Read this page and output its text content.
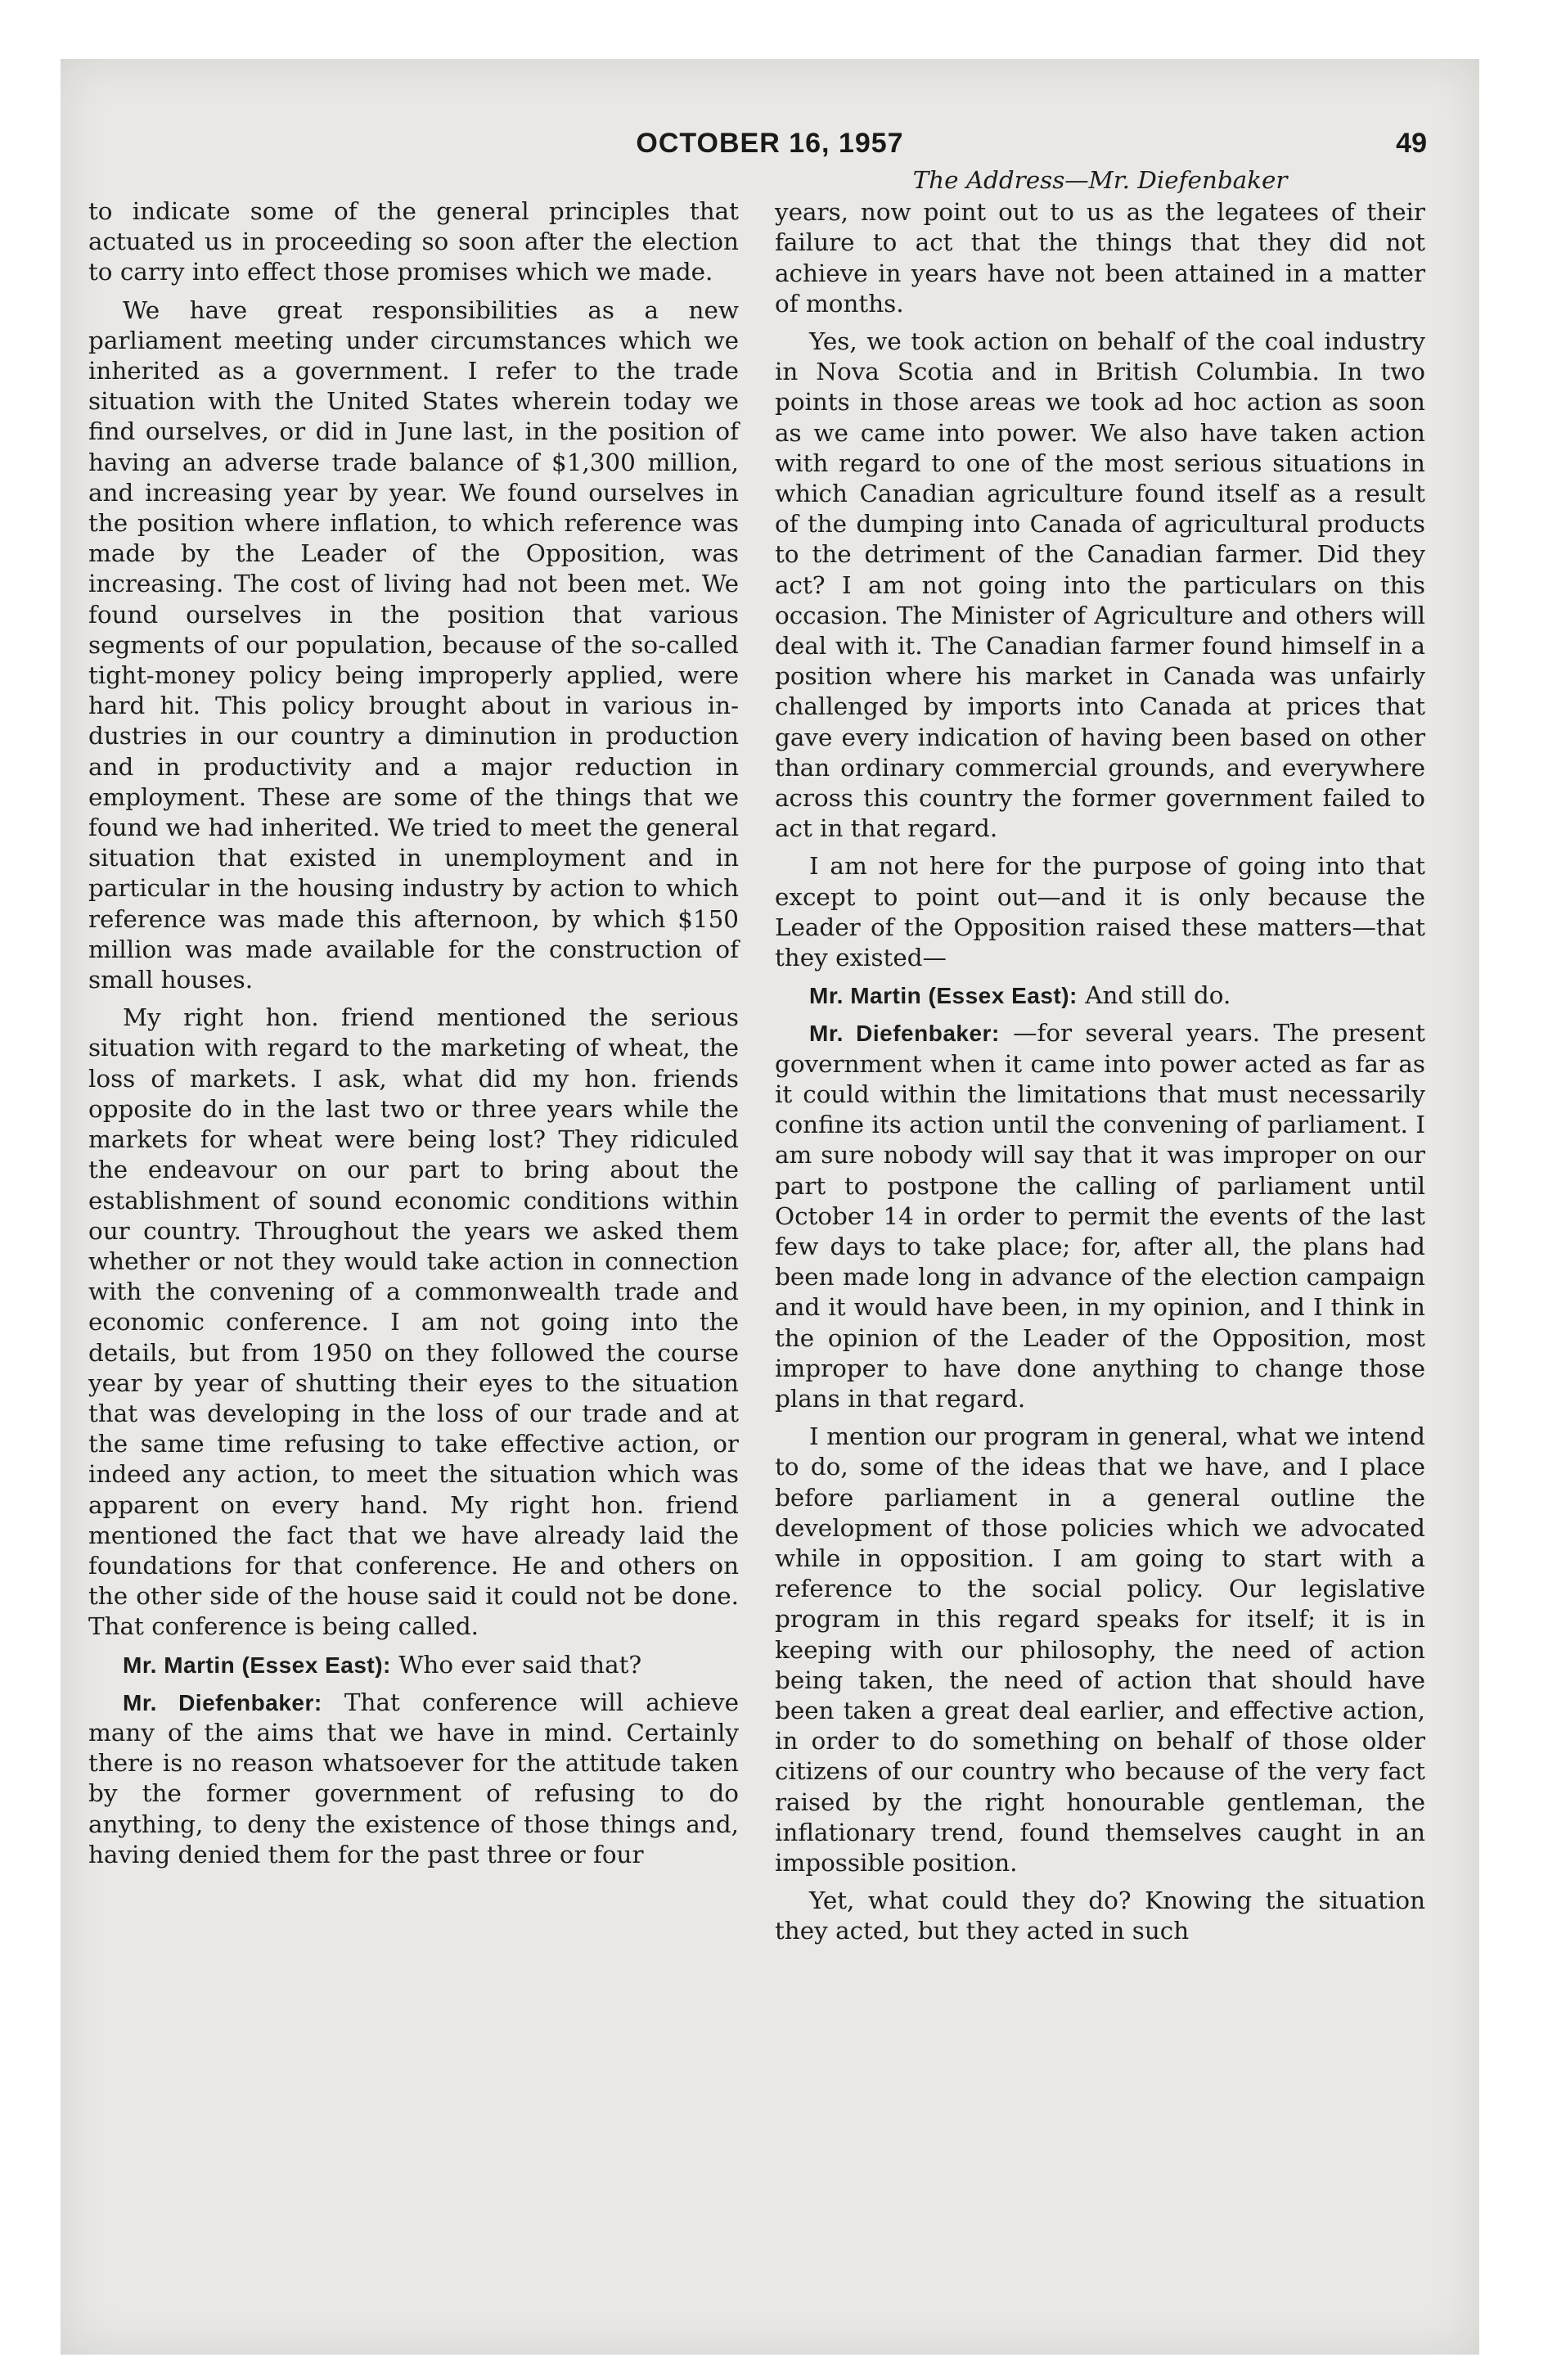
OCTOBER 16, 1957	49

to indicate some of the general principles that actuated us in proceeding so soon after the election to carry into effect those promises which we made.

We have great responsibilities as a new parliament meeting under circumstances which we inherited as a government. I refer to the trade situation with the United States wherein today we find ourselves, or did in June last, in the position of having an adverse trade balance of $1,300 million, and increasing year by year. We found ourselves in the position where inflation, to which reference was made by the Leader of the Opposition, was increasing. The cost of living had not been met. We found ourselves in the position that various segments of our population, because of the so-called tight-money policy being improperly applied, were hard hit. This policy brought about in various industries in our country a diminution in production and in productivity and a major reduction in employment. These are some of the things that we found we had inherited. We tried to meet the general situation that existed in unemployment and in particular in the housing industry by action to which reference was made this afternoon, by which $150 million was made available for the construction of small houses.

My right hon. friend mentioned the serious situation with regard to the marketing of wheat, the loss of markets. I ask, what did my hon. friends opposite do in the last two or three years while the markets for wheat were being lost? They ridiculed the endeavour on our part to bring about the establishment of sound economic conditions within our country. Throughout the years we asked them whether or not they would take action in connection with the convening of a commonwealth trade and economic conference. I am not going into the details, but from 1950 on they followed the course year by year of shutting their eyes to the situation that was developing in the loss of our trade and at the same time refusing to take effective action, or indeed any action, to meet the situation which was apparent on every hand. My right hon. friend mentioned the fact that we have already laid the foundations for that conference. He and others on the other side of the house said it could not be done. That conference is being called.

Mr. Martin (Essex East): Who ever said that?

Mr. Diefenbaker: That conference will achieve many of the aims that we have in mind. Certainly there is no reason whatsoever for the attitude taken by the former government of refusing to do anything, to deny the existence of those things and, having denied them for the past three or four

The Address—Mr. Diefenbaker

years, now point out to us as the legatees of their failure to act that the things that they did not achieve in years have not been attained in a matter of months.

Yes, we took action on behalf of the coal industry in Nova Scotia and in British Columbia. In two points in those areas we took ad hoc action as soon as we came into power. We also have taken action with regard to one of the most serious situations in which Canadian agriculture found itself as a result of the dumping into Canada of agricultural products to the detriment of the Canadian farmer. Did they act? I am not going into the particulars on this occasion. The Minister of Agriculture and others will deal with it. The Canadian farmer found himself in a position where his market in Canada was unfairly challenged by imports into Canada at prices that gave every indication of having been based on other than ordinary commercial grounds, and everywhere across this country the former government failed to act in that regard.

I am not here for the purpose of going into that except to point out—and it is only because the Leader of the Opposition raised these matters—that they existed—

Mr. Martin (Essex East): And still do.

Mr. Diefenbaker: —for several years. The present government when it came into power acted as far as it could within the limitations that must necessarily confine its action until the convening of parliament. I am sure nobody will say that it was improper on our part to postpone the calling of parliament until October 14 in order to permit the events of the last few days to take place; for, after all, the plans had been made long in advance of the election campaign and it would have been, in my opinion, and I think in the opinion of the Leader of the Opposition, most improper to have done anything to change those plans in that regard.

I mention our program in general, what we intend to do, some of the ideas that we have, and I place before parliament in a general outline the development of those policies which we advocated while in opposition. I am going to start with a reference to the social policy. Our legislative program in this regard speaks for itself; it is in keeping with our philosophy, the need of action being taken, the need of action that should have been taken a great deal earlier, and effective action, in order to do something on behalf of those older citizens of our country who because of the very fact raised by the right honourable gentleman, the inflationary trend, found themselves caught in an impossible position.

Yet, what could they do? Knowing the situation they acted, but they acted in such
